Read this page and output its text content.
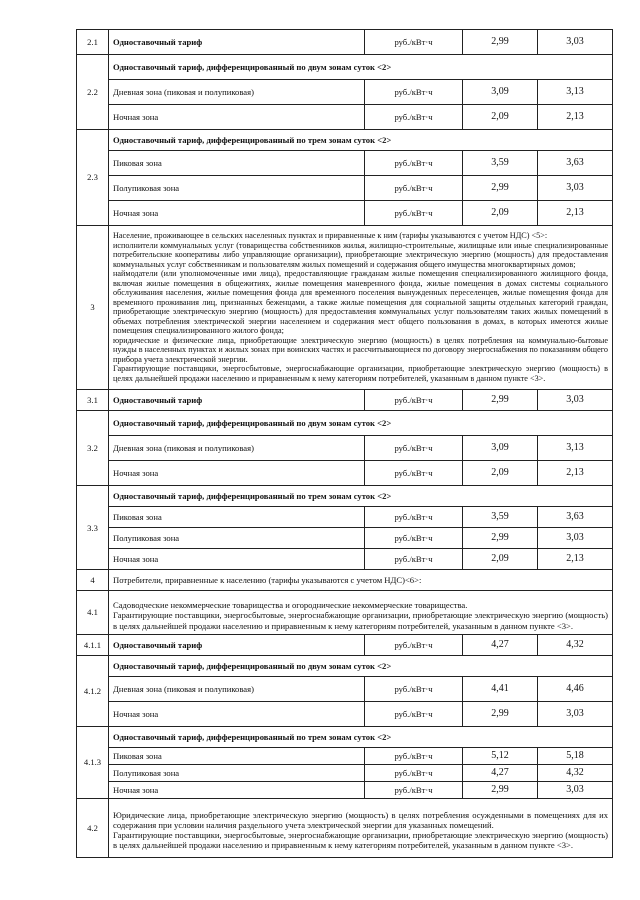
2.1	Одноставочный тариф	руб./кВт·ч	2,99	3,03
2.2	Одноставочный тариф, дифференцированный по двум зонам суток <2>			
	Дневная зона (пиковая и полупиковая)	руб./кВт·ч	3,09	3,13
	Ночная зона	руб./кВт·ч	2,09	2,13
2.3	Одноставочный тариф, дифференцированный по трем зонам суток <2>			
	Пиковая зона	руб./кВт·ч	3,59	3,63
	Полупиковая зона	руб./кВт·ч	2,99	3,03
	Ночная зона	руб./кВт·ч	2,09	2,13
3	Население, проживающее в сельских населенных пунктах и приравненные к ним (тарифы указываются с учетом НДС) <5>:

исполнители коммунальных услуг (товарищества собственников жилья, жилищно-строительные, жилищные или иные специализированные потребительские кооперативы либо управляющие организации), приобретающие электрическую энергию (мощность) для предоставления коммунальных услуг собственникам и пользователям жилых помещений и содержания общего имущества многоквартирных домов;

наймодатели (или уполномоченные ими лица), предоставляющие гражданам жилые помещения специализированного жилищного фонда, включая жилые помещения в общежитиях, жилые помещения маневренного фонда, жилые помещения в домах системы социального обслуживания населения, жилые помещения фонда для временного поселения вынужденных переселенцев, жилые помещения фонда для временного проживания лиц, признанных беженцами, а также жилые помещения для социальной защиты отдельных категорий граждан, приобретающие электрическую энергию (мощность) для предоставления коммунальных услуг пользователям таких жилых помещений в объемах потребления электрической энергии населением и содержания мест общего пользования в домах, в которых имеются жилые помещения специализированного жилого фонда;

юридические и физические лица, приобретающие электрическую энергию (мощность) в целях потребления на коммунально-бытовые нужды в населенных пунктах и жилых зонах при воинских частях и рассчитывающиеся по договору энергоснабжения по показаниям общего прибора учета электрической энергии.

Гарантирующие поставщики, энергосбытовые, энергоснабжающие организации, приобретающие электрическую энергию (мощность) в целях дальнейшей продажи населению и приравненным к нему категориям потребителей, указанным в данном пункте <3>.			

3.1	Одноставочный тариф	руб./кВт·ч	2,99	3,03
3.2	Одноставочный тариф, дифференцированный по двум зонам суток <2>			
	Дневная зона (пиковая и полупиковая)	руб./кВт·ч	3,09	3,13
	Ночная зона	руб./кВт·ч	2,09	2,13
3.3	Одноставочный тариф, дифференцированный по трем зонам суток <2>			
	Пиковая зона	руб./кВт·ч	3,59	3,63
	Полупиковая зона	руб./кВт·ч	2,99	3,03
	Ночная зона	руб./кВт·ч	2,09	2,13
4	Потребители, приравненные к населению (тарифы указываются с учетом НДС)<6>:			
4.1	Садоводческие некоммерческие товарищества и огороднические некоммерческие товарищества.

Гарантирующие поставщики, энергосбытовые, энергоснабжающие организации, приобретающие электрическую энергию (мощность) в целях дальнейшей продажи населению и приравненным к нему категориям потребителей, указанным в данном пункте <3>.			

4.1.1	Одноставочный тариф	руб./кВт·ч	4,27	4,32
4.1.2	Одноставочный тариф, дифференцированный по двум зонам суток <2>			
	Дневная зона (пиковая и полупиковая)	руб./кВт·ч	4,41	4,46
	Ночная зона	руб./кВт·ч	2,99	3,03
4.1.3	Одноставочный тариф, дифференцированный по трем зонам суток <2>			
	Пиковая зона	руб./кВт·ч	5,12	5,18
	Полупиковая зона	руб./кВт·ч	4,27	4,32
	Ночная зона	руб./кВт·ч	2,99	3,03
4.2	Юридические лица, приобретающие электрическую энергию (мощность) в целях потребления осужденными в помещениях для их содержания при условии наличия раздельного учета электрической энергии для указанных помещений.

Гарантирующие поставщики, энергосбытовые, энергоснабжающие организации, приобретающие электрическую энергию (мощность) в целях дальнейшей продажи населению и приравненным к нему категориям потребителей, указанным в данном пункте <3>.			
